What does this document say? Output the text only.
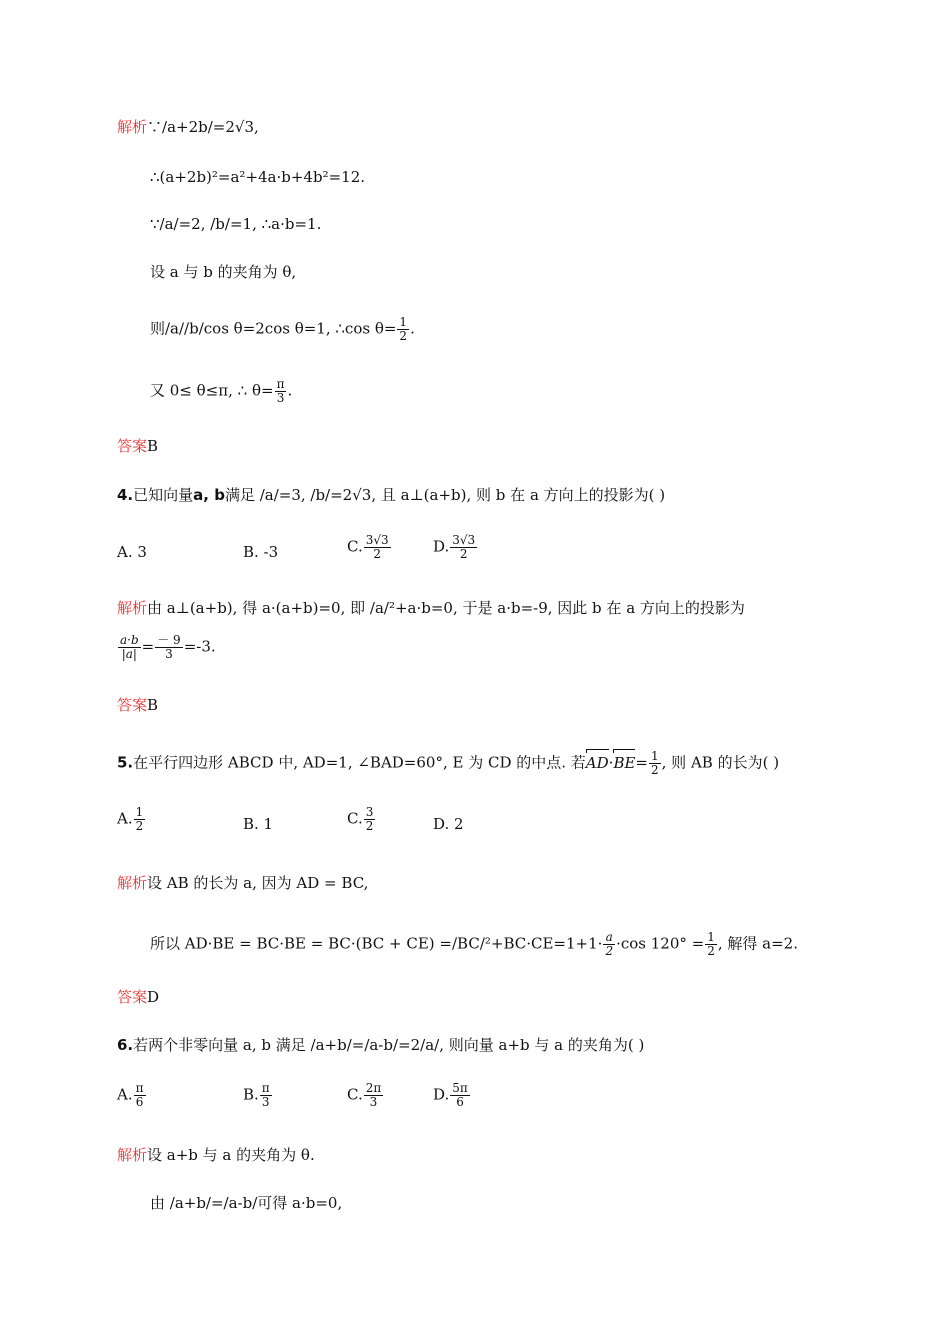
解析∵/a+2b/=2√3,
∴(a+2b)²=a²+4a·b+4b²=12.
∵/a/=2, /b/=1, ∴a·b=1.
设 a 与 b 的夹角为 θ,
则/a//b/cos θ=2cos θ=1, ∴cos $\theta= \frac{1}{2}$ .
又 0≤ θ≤π, ∴ $\theta= \frac{\pi}{3}$ .
答案B
4.已知向量a, b满足 /a/=3, /b/=2√3, 且 a⊥(a+b), 则 b 在 a 方向上的投影为( )
A. 3	B. -3	C. $\frac{3√3}{2}$	D. $\frac{3√3}{2}$
解析由 a⊥(a+b), 得 a·(a+b)=0, 即 /a/²+a·b=0, 于是 a·b=-9, 因此 b 在 a 方向上的投影为
$\frac{a\cdot b}{|a|} = \frac{- 9}{3} =-3$.
答案B
5.在平行四边形 ABCD 中, AD=1, ∠BAD=60°, E 为 CD 的中点. 若$AD\cdot BE= \frac{1}{2}$ , 则 AB 的长为( )
A. $\frac{1}{2}$	B. 1	C. $\frac{3}{2}$	D. 2
解析设 AB 的长为 a, 因为 AD = BC,
所以 $AD\cdot BE = BC\cdot BE = BC\cdot(BC + CE) =/BC/^2+BC\cdot CE=1+1\cdot \frac{a}{2} \cdot\cos$ $120^\circ = \frac{1}{2}$ , 解得 a=2.
答案D
6.若两个非零向量 a, b 满足 /a+b/=/a-b/=2/a/, 则向量 a+b 与 a 的夹角为( )
A. $\frac{\pi}{6}$	B. $\frac{\pi}{3}$	C. $\frac{2\pi}{3}$	D. $\frac{5\pi}{6}$
解析设 a+b 与 a 的夹角为 θ.
由 /a+b/=/a-b/可得 a·b=0,
